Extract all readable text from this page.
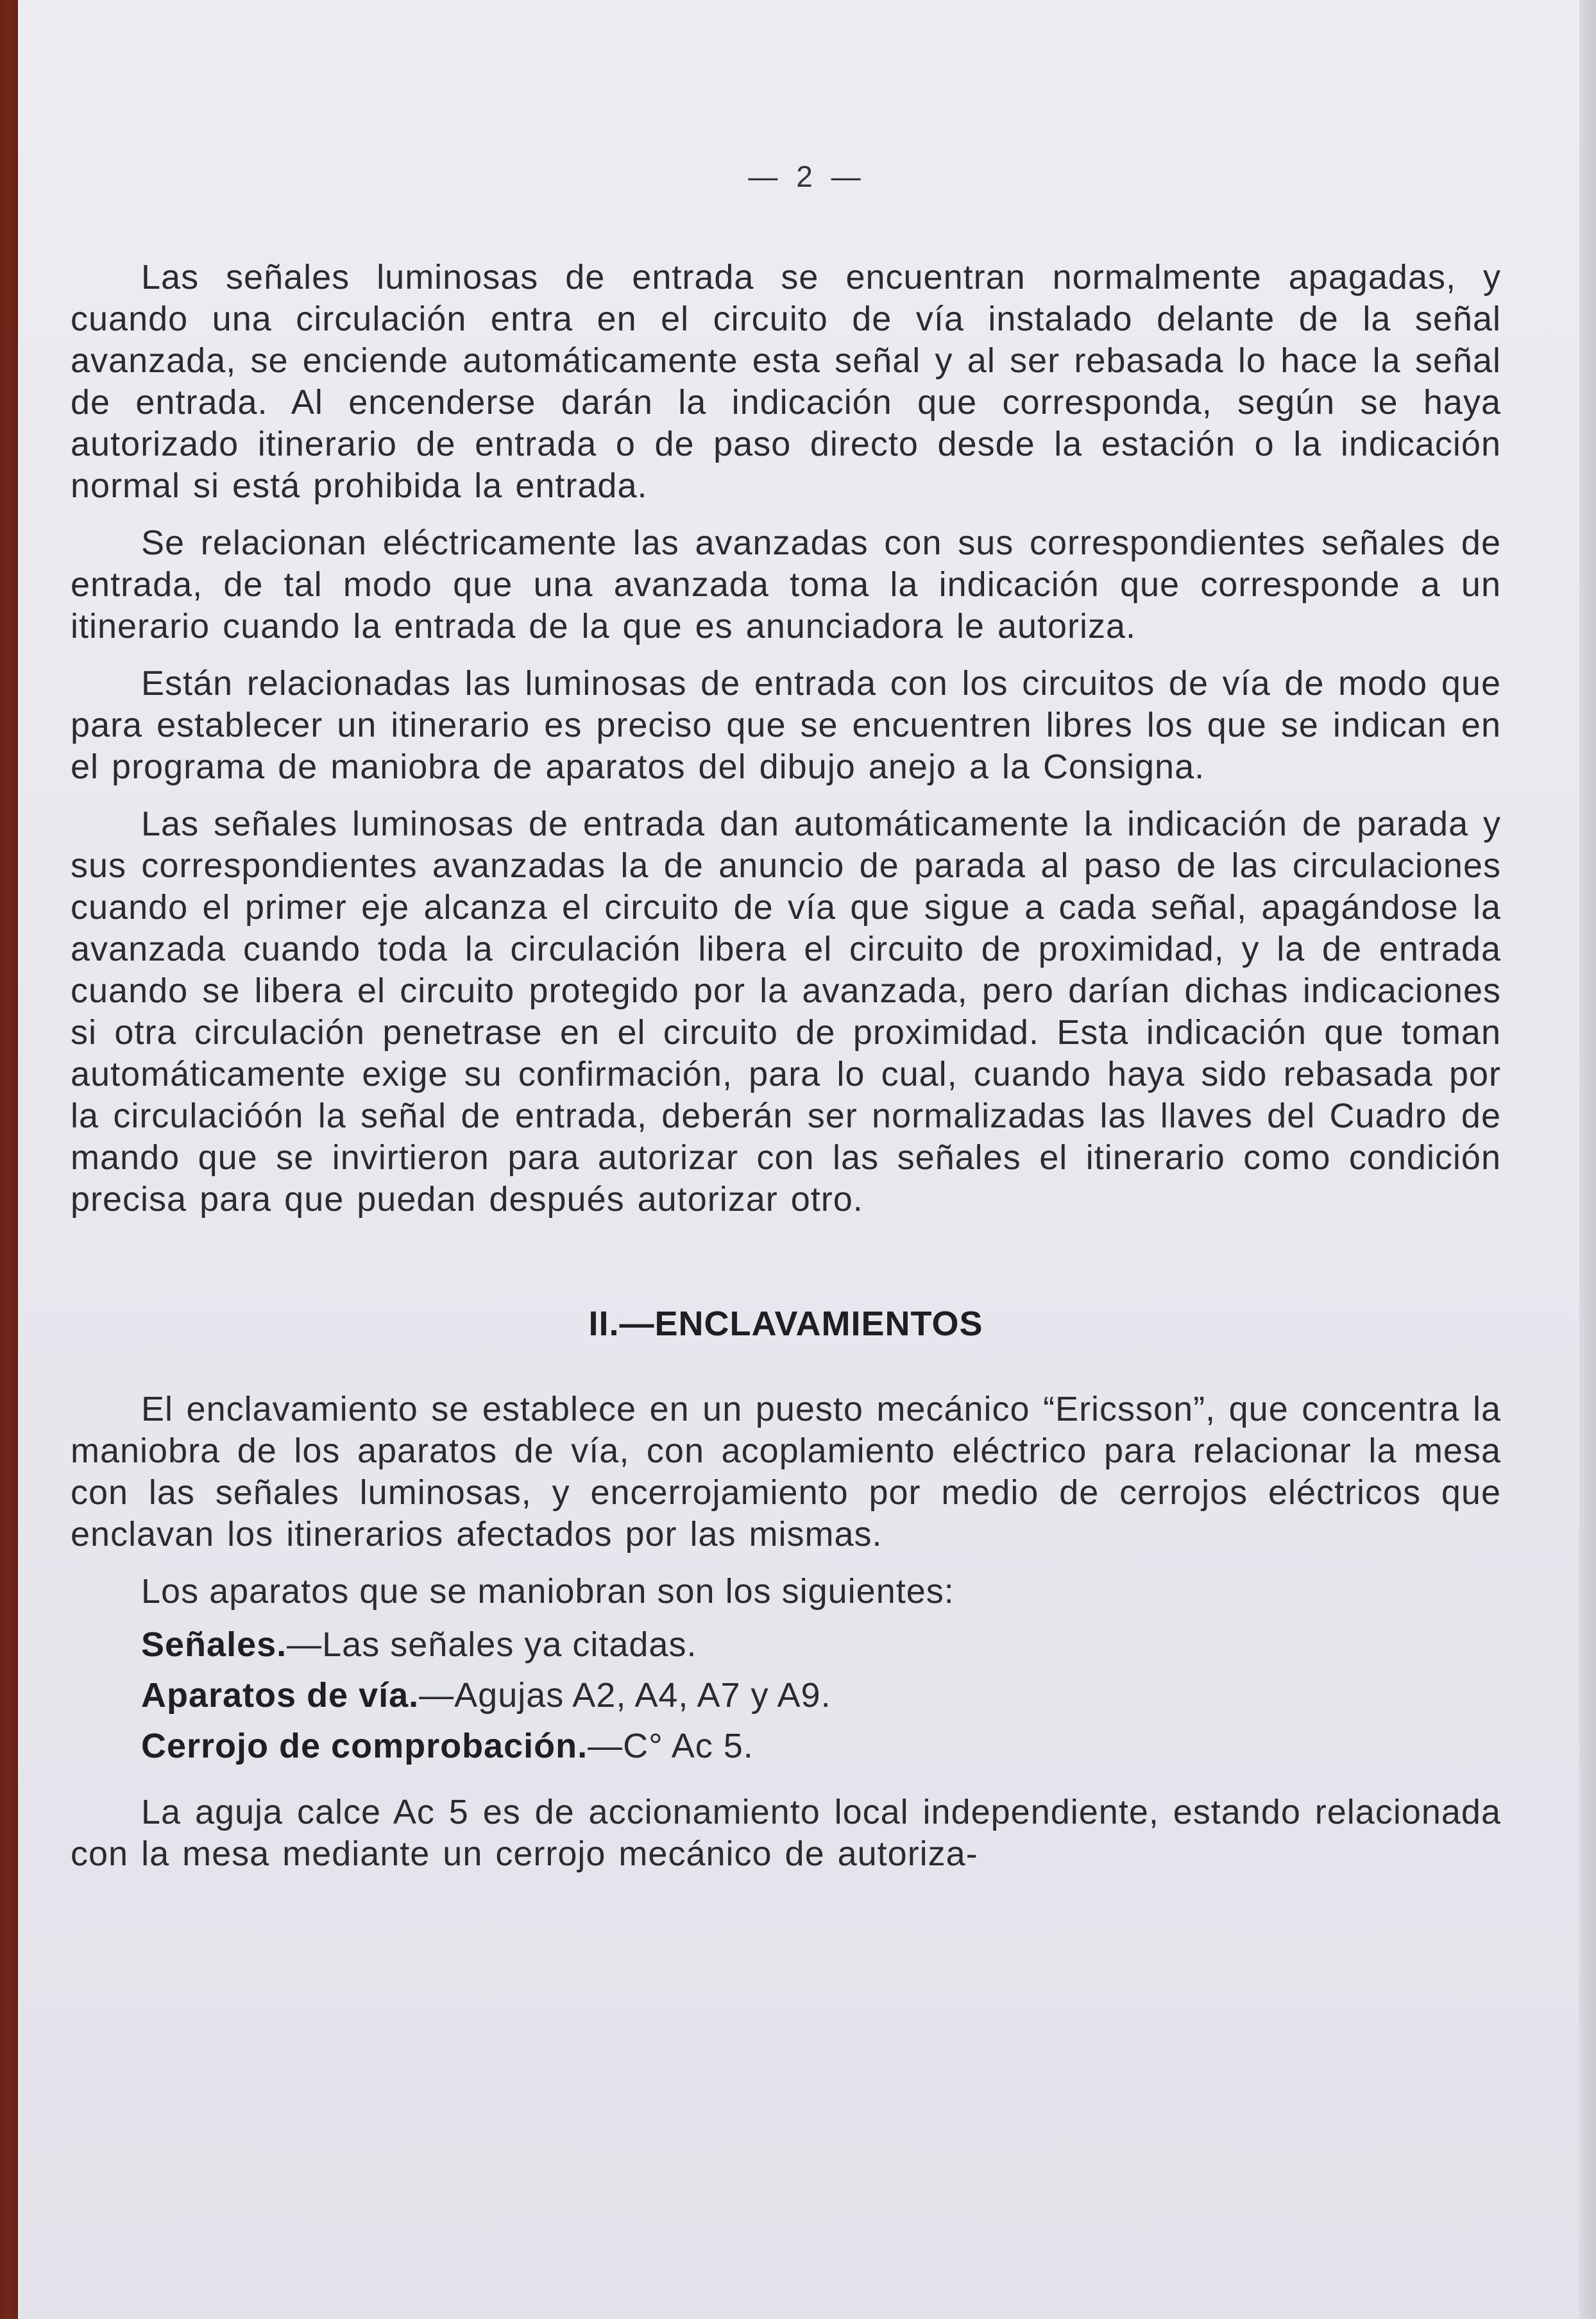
— 2 —

Las señales luminosas de entrada se encuentran normalmente apagadas, y cuando una circulación entra en el circuito de vía instalado delante de la señal avanzada, se enciende automáticamente esta señal y al ser rebasada lo hace la señal de entrada. Al encenderse darán la indicación que corresponda, según se haya autorizado itinerario de entrada o de paso directo desde la estación o la indicación normal si está prohibida la entrada.

Se relacionan eléctricamente las avanzadas con sus correspondientes señales de entrada, de tal modo que una avanzada toma la indicación que corresponde a un itinerario cuando la entrada de la que es anunciadora le autoriza.

Están relacionadas las luminosas de entrada con los circuitos de vía de modo que para establecer un itinerario es preciso que se encuentren libres los que se indican en el programa de maniobra de aparatos del dibujo anejo a la Consigna.

Las señales luminosas de entrada dan automáticamente la indicación de parada y sus correspondientes avanzadas la de anuncio de parada al paso de las circulaciones cuando el primer eje alcanza el circuito de vía que sigue a cada señal, apagándose la avanzada cuando toda la circulación libera el circuito de proximidad, y la de entrada cuando se libera el circuito protegido por la avanzada, pero darían dichas indicaciones si otra circulación penetrase en el circuito de proximidad. Esta indicación que toman automáticamente exige su confirmación, para lo cual, cuando haya sido rebasada por la circulacióón la señal de entrada, deberán ser normalizadas las llaves del Cuadro de mando que se invirtieron para autorizar con las señales el itinerario como condición precisa para que puedan después autorizar otro.

II.—ENCLAVAMIENTOS

El enclavamiento se establece en un puesto mecánico “Ericsson”, que concentra la maniobra de los aparatos de vía, con acoplamiento eléctrico para relacionar la mesa con las señales luminosas, y encerrojamiento por medio de cerrojos eléctricos que enclavan los itinerarios afectados por las mismas.

Los aparatos que se maniobran son los siguientes:

Señales.—Las señales ya citadas.

Aparatos de vía.—Agujas A2, A4, A7 y A9.

Cerrojo de comprobación.—C° Ac 5.

La aguja calce Ac 5 es de accionamiento local independiente, estando relacionada con la mesa mediante un cerrojo mecánico de autoriza-
